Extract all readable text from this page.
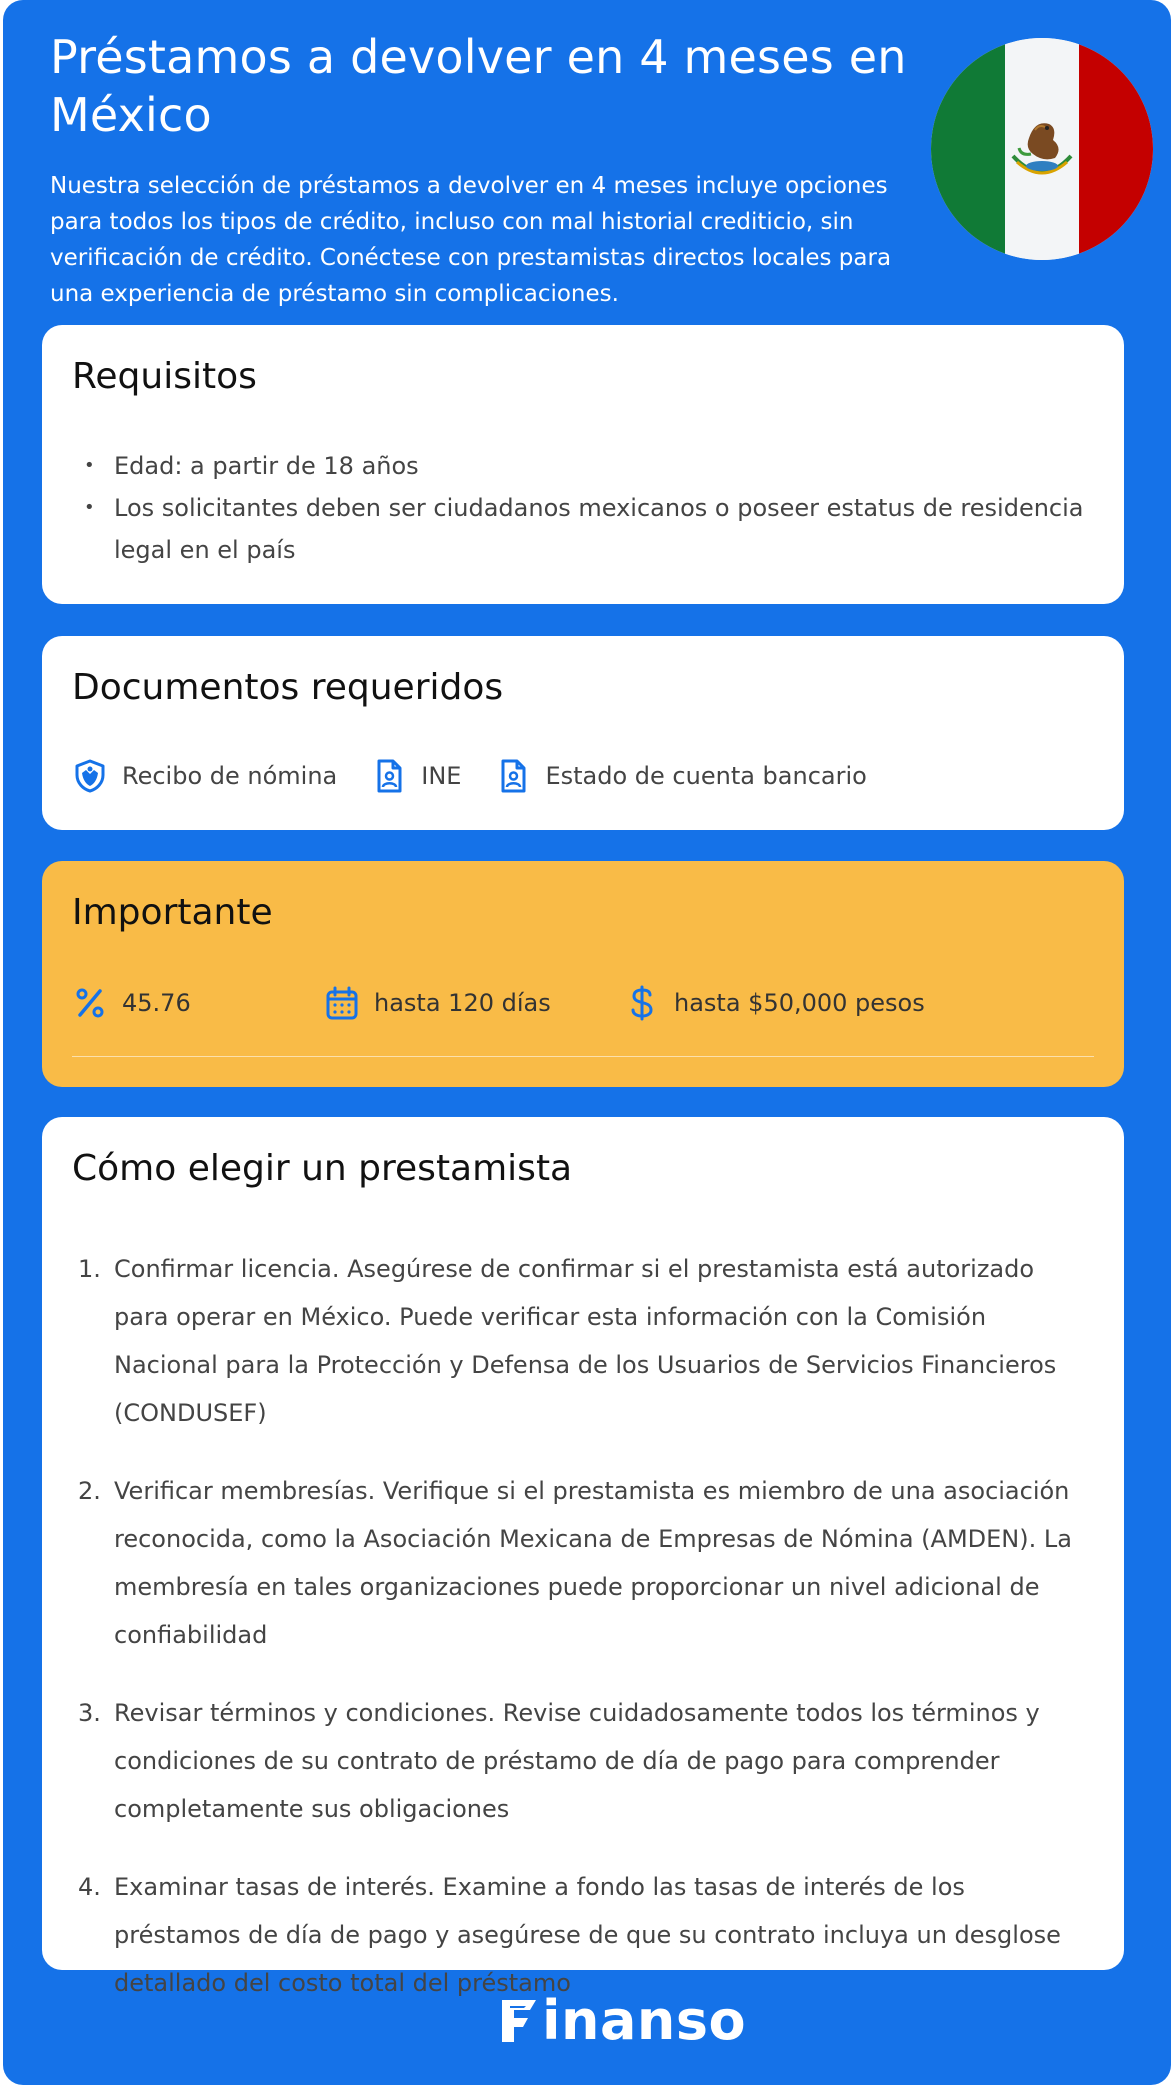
Préstamos a devolver en 4 meses en México

Nuestra selección de préstamos a devolver en 4 meses incluye opciones para todos los tipos de crédito, incluso con mal historial crediticio, sin verificación de crédito. Conéctese con prestamistas directos locales para una experiencia de préstamo sin complicaciones.

Requisitos
• Edad: a partir de 18 años
• Los solicitantes deben ser ciudadanos mexicanos o poseer estatus de residencia legal en el país
Documentos requeridos
Recibo de nómina	INE	Estado de cuenta bancario
Importante
45.76	hasta 120 días	hasta $50,000 pesos
Cómo elegir un prestamista
1. Confirmar licencia. Asegúrese de confirmar si el prestamista está autorizado para operar en México. Puede verificar esta información con la Comisión Nacional para la Protección y Defensa de los Usuarios de Servicios Financieros (CONDUSEF)
2. Verificar membresías. Verifique si el prestamista es miembro de una asociación reconocida, como la Asociación Mexicana de Empresas de Nómina (AMDEN). La membresía en tales organizaciones puede proporcionar un nivel adicional de confiabilidad
3. Revisar términos y condiciones. Revise cuidadosamente todos los términos y condiciones de su contrato de préstamo de día de pago para comprender completamente sus obligaciones
4. Examinar tasas de interés. Examine a fondo las tasas de interés de los préstamos de día de pago y asegúrese de que su contrato incluya un desglose detallado del costo total del préstamo
inanso
